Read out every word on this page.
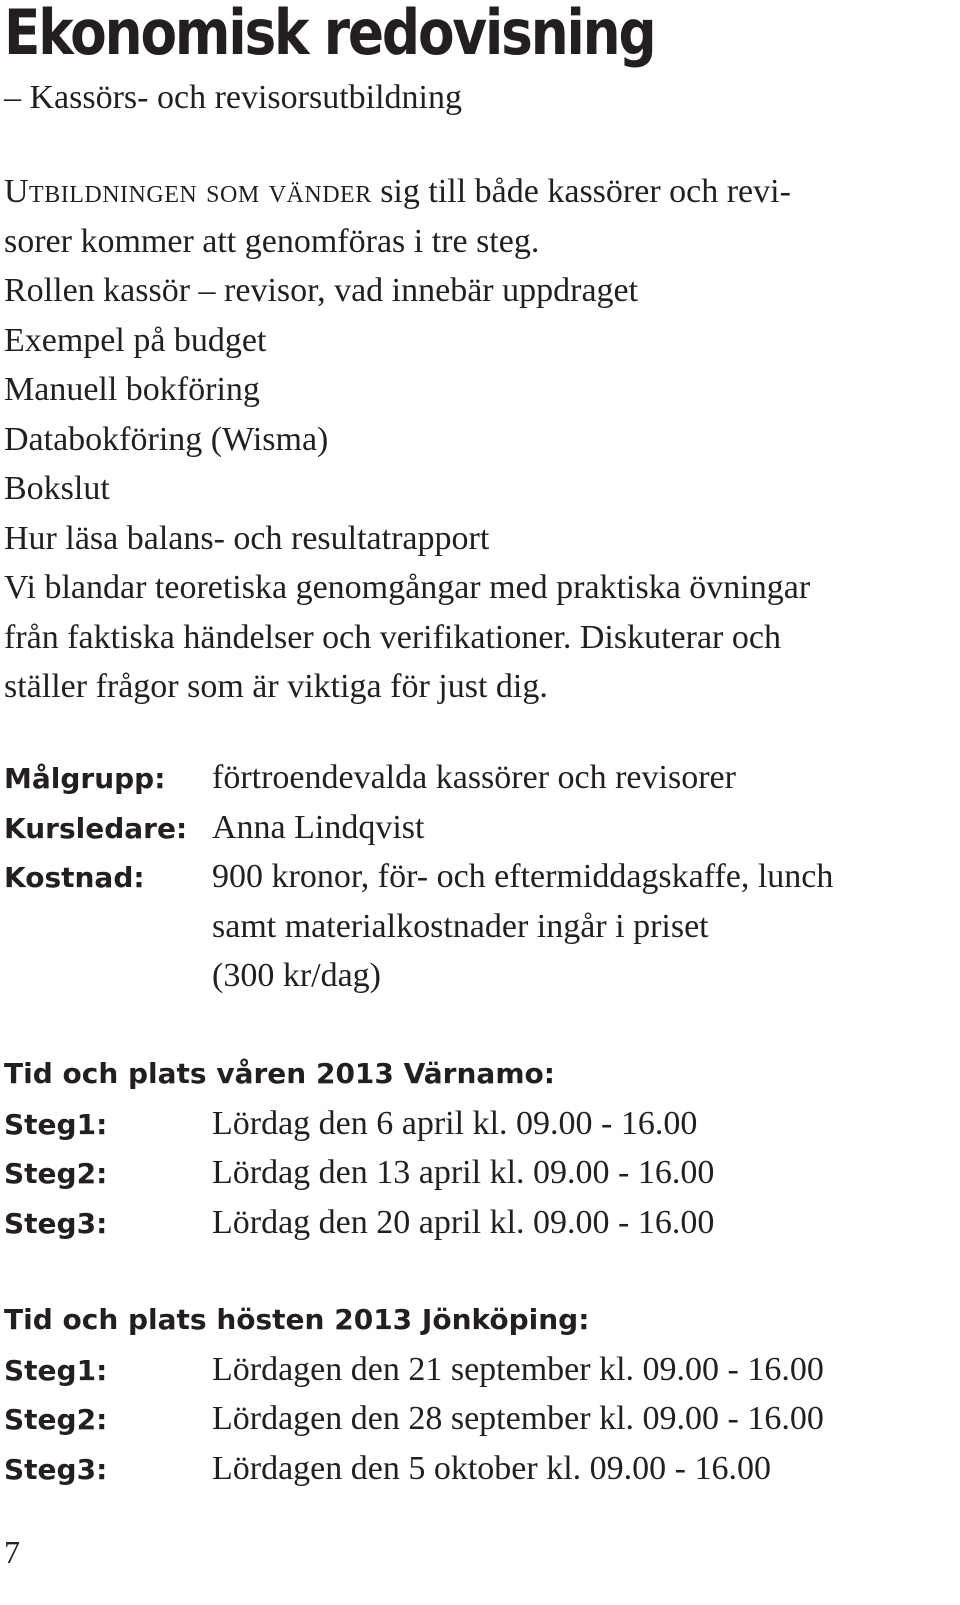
Ekonomisk redovisning
– Kassörs- och revisorsutbildning
Utbildningen som vänder sig till både kassörer och revi-
sorer kommer att genomföras i tre steg.
Rollen kassör – revisor, vad innebär uppdraget
Exempel på budget
Manuell bokföring
Databokföring (Wisma)
Bokslut
Hur läsa balans- och resultatrapport
Vi blandar teoretiska genomgångar med praktiska övningar
från faktiska händelser och verifikationer. Diskuterar och
ställer frågor som är viktiga för just dig.
Målgrupp: förtroendevalda kassörer och revisorer
Kursledare: Anna Lindqvist
Kostnad: 900 kronor, för- och eftermiddagskaffe, lunch
samt materialkostnader ingår i priset
(300 kr/dag)
Tid och plats våren 2013 Värnamo:
Steg1:	Lördag den 6 april kl. 09.00 - 16.00
Steg2:	Lördag den 13 april kl. 09.00 - 16.00
Steg3:	Lördag den 20 april kl. 09.00 - 16.00
Tid och plats hösten 2013 Jönköping:
Steg1:	Lördagen den 21 september kl. 09.00 - 16.00
Steg2:	Lördagen den 28 september kl. 09.00 - 16.00
Steg3:	Lördagen den 5 oktober kl. 09.00 - 16.00
7
